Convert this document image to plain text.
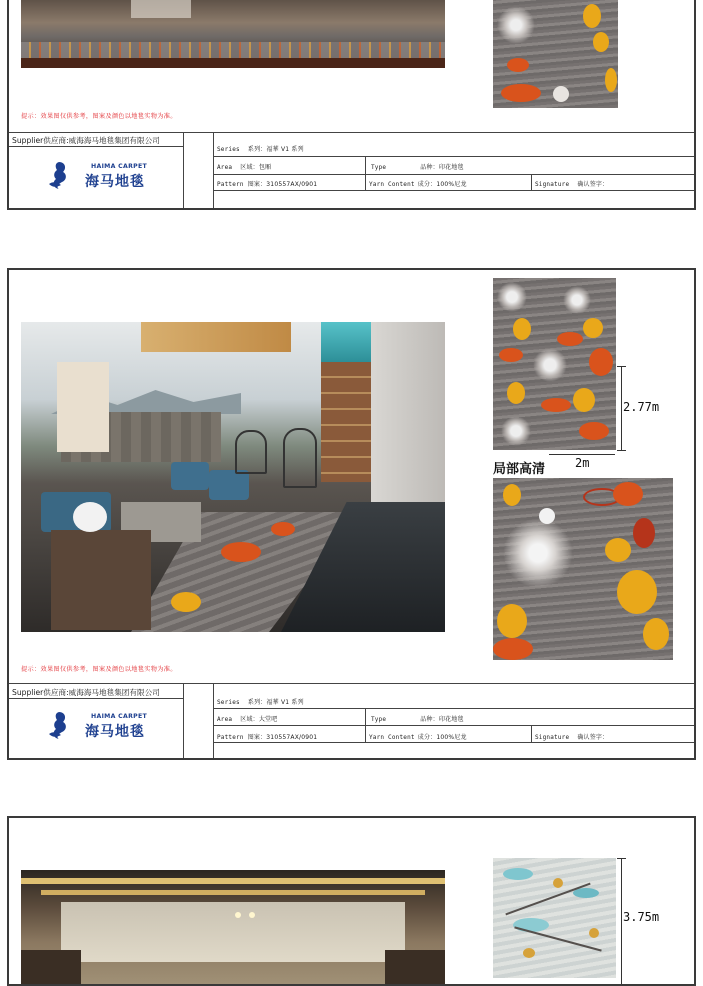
提示：效果图仅供参考，图案及颜色以地毯实物为准。
Supplier供应商:威海海马地毯集团有限公司
HAIMA CARPET
海马地毯
Series 系列：福華 V1 系列
Area 区域：包厢	Type	品种：印花地毯
Pattern 图案：310557AX/0901	Yarn Content 成分：100%尼龙	Signature 确认签字：
2.77m
2m
局部高清
提示：效果图仅供参考，图案及颜色以地毯实物为准。
Supplier供应商:威海海马地毯集团有限公司
HAIMA CARPET
海马地毯
Series 系列：福華 V1 系列
Area 区域：大堂吧	Type	品种：印花地毯
Pattern 图案：310557AX/0901	Yarn Content 成分：100%尼龙	Signature 确认签字：
3.75m
